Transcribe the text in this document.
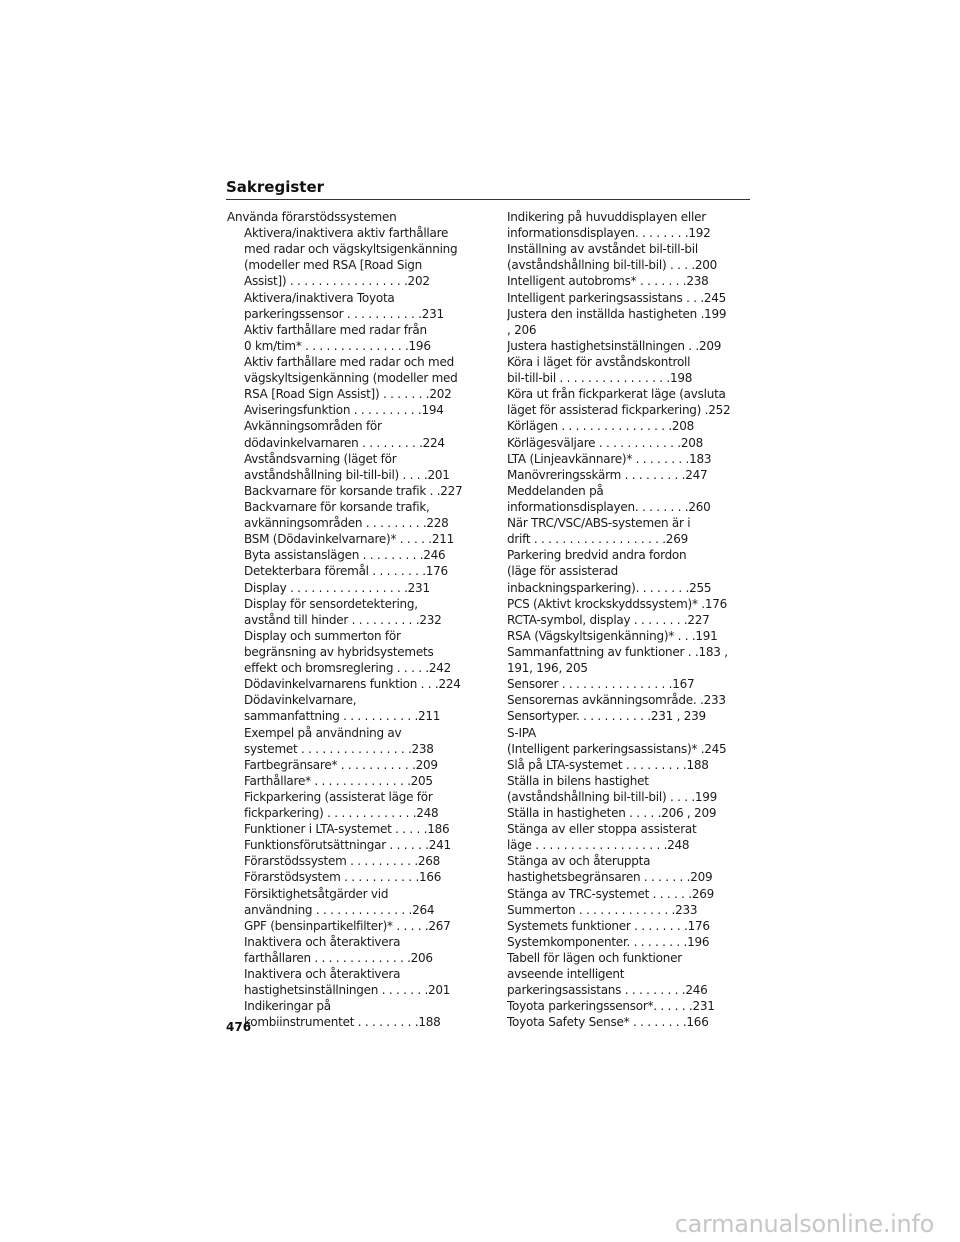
Sakregister
Använda förarstödssystemen
Aktivera/inaktivera aktiv farthållare
med radar och vägskyltsigenkänning
(modeller med RSA [Road Sign
Assist]) . . . . . . . . . . . . . . . . .202
Aktivera/inaktivera Toyota
parkeringssensor . . . . . . . . . . .231
Aktiv farthållare med radar från
0 km/tim* . . . . . . . . . . . . . . .196
Aktiv farthållare med radar och med
vägskyltsigenkänning (modeller med
RSA [Road Sign Assist]) . . . . . . .202
Aviseringsfunktion . . . . . . . . . .194
Avkänningsområden för
dödavinkelvarnaren . . . . . . . . .224
Avståndsvarning (läget för
avståndshållning bil-till-bil) . . . .201
Backvarnare för korsande trafik . .227
Backvarnare för korsande trafik,
avkänningsområden . . . . . . . . .228
BSM (Dödavinkelvarnare)* . . . . .211
Byta assistanslägen . . . . . . . . .246
Detekterbara föremål . . . . . . . .176
Display . . . . . . . . . . . . . . . . .231
Display för sensordetektering,
avstånd till hinder . . . . . . . . . .232
Display och summerton för
begränsning av hybridsystemets
effekt och bromsreglering . . . . .242
Dödavinkelvarnarens funktion . . .224
Dödavinkelvarnare,
sammanfattning . . . . . . . . . . .211
Exempel på användning av
systemet . . . . . . . . . . . . . . . .238
Fartbegränsare* . . . . . . . . . . .209
Farthållare* . . . . . . . . . . . . . .205
Fickparkering (assisterat läge för
fickparkering) . . . . . . . . . . . . .248
Funktioner i LTA-systemet . . . . .186
Funktionsförutsättningar . . . . . .241
Förarstödssystem . . . . . . . . . .268
Förarstödsystem . . . . . . . . . . .166
Försiktighetsåtgärder vid
användning . . . . . . . . . . . . . .264
GPF (bensinpartikelfilter)* . . . . .267
Inaktivera och återaktivera
farthållaren . . . . . . . . . . . . . .206
Inaktivera och återaktivera
hastighetsinställningen . . . . . . .201
Indikeringar på
kombiinstrumentet . . . . . . . . .188
Indikering på huvuddisplayen eller
informationsdisplayen. . . . . . . .192
Inställning av avståndet bil-till-bil
(avståndshållning bil-till-bil) . . . .200
Intelligent autobroms* . . . . . . .238
Intelligent parkeringsassistans . . .245
Justera den inställda hastigheten .199
, 206
Justera hastighetsinställningen . .209
Köra i läget för avståndskontroll
bil-till-bil . . . . . . . . . . . . . . . .198
Köra ut från fickparkerat läge (avsluta
läget för assisterad fickparkering) .252
Körlägen . . . . . . . . . . . . . . . .208
Körlägesväljare . . . . . . . . . . . .208
LTA (Linjeavkännare)* . . . . . . . .183
Manövreringsskärm . . . . . . . . .247
Meddelanden på
informationsdisplayen. . . . . . . .260
När TRC/VSC/ABS-systemen är i
drift . . . . . . . . . . . . . . . . . . .269
Parkering bredvid andra fordon
(läge för assisterad
inbackningsparkering). . . . . . . .255
PCS (Aktivt krockskyddssystem)* .176
RCTA-symbol, display . . . . . . . .227
RSA (Vägskyltsigenkänning)* . . .191
Sammanfattning av funktioner . .183 ,
191, 196, 205
Sensorer . . . . . . . . . . . . . . . .167
Sensorernas avkänningsområde. .233
Sensortyper. . . . . . . . . . .231 , 239
S-IPA
(Intelligent parkeringsassistans)* .245
Slå på LTA-systemet . . . . . . . . .188
Ställa in bilens hastighet
(avståndshållning bil-till-bil) . . . .199
Ställa in hastigheten . . . . .206 , 209
Stänga av eller stoppa assisterat
läge . . . . . . . . . . . . . . . . . . .248
Stänga av och återuppta
hastighetsbegränsaren . . . . . . .209
Stänga av TRC-systemet . . . . . .269
Summerton . . . . . . . . . . . . . .233
Systemets funktioner . . . . . . . .176
Systemkomponenter. . . . . . . . .196
Tabell för lägen och funktioner
avseende intelligent
parkeringsassistans . . . . . . . . .246
Toyota parkeringssensor*. . . . . .231
Toyota Safety Sense* . . . . . . . .166
476
carmanualsonline.info
